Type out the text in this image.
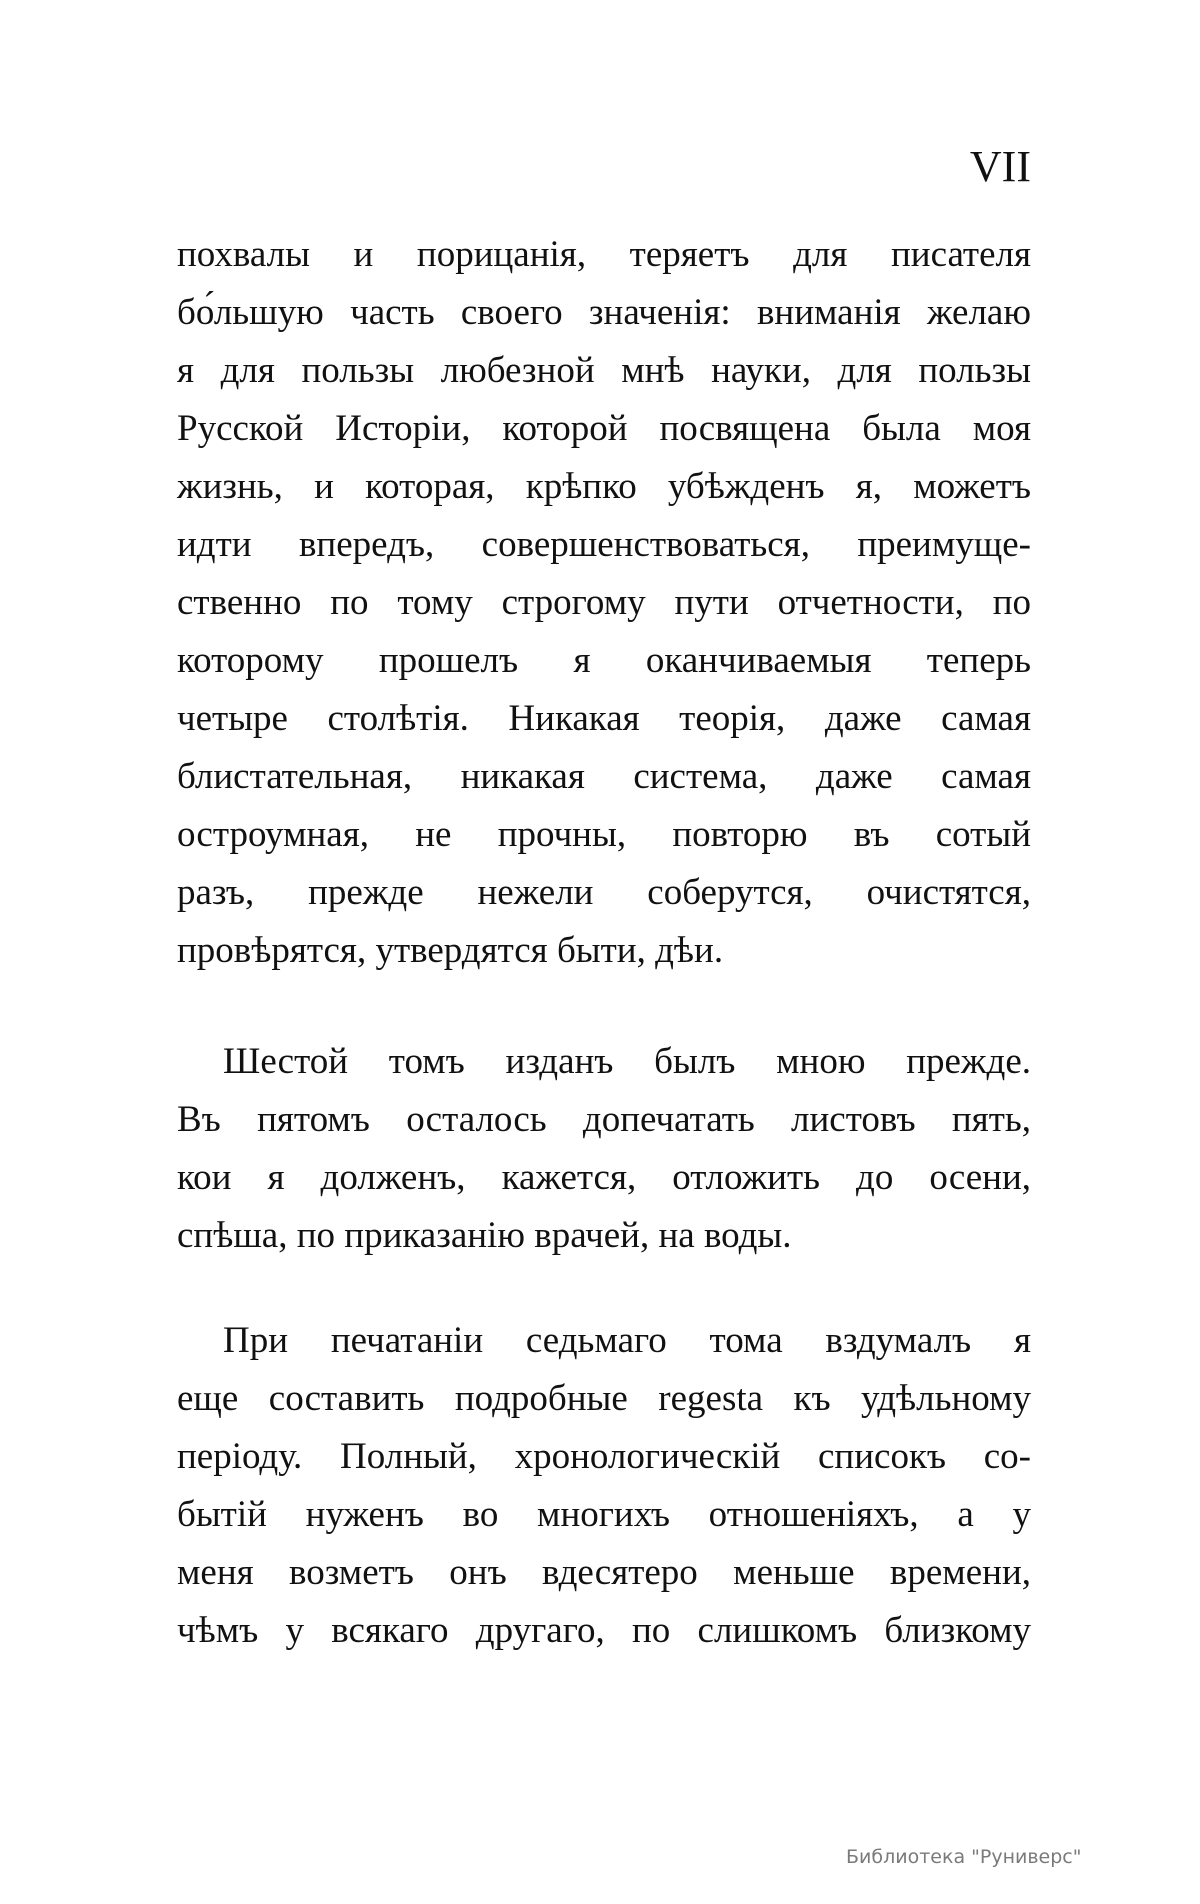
VII
похвалы и порицанія, теряетъ для писателя
бо́льшую часть своего значенія: вниманія желаю
я для пользы любезной мнѣ науки, для пользы
Русской Исторіи, которой посвящена была моя
жизнь, и которая, крѣпко убѣжденъ я, можетъ
идти впередъ, совершенствоваться, преимуще-
ственно по тому строгому пути отчетности, по
которому прошелъ я оканчиваемыя теперь
четыре столѣтія. Никакая теорія, даже самая
блистательная, никакая система, даже самая
остроумная, не прочны, повторю въ сотый
разъ, прежде нежели соберутся, очистятся,
провѣрятся, утвердятся быти, дѣи.
Шестой томъ изданъ былъ мною прежде.
Въ пятомъ осталось допечатать листовъ пять,
кои я долженъ, кажется, отложить до осени,
спѣша, по приказанію врачей, на воды.
При печатаніи седьмаго тома вздумалъ я
еще составить подробные regesta къ удѣльному
періоду. Полный, хронологическій списокъ со-
бытій нуженъ во многихъ отношеніяхъ, а у
меня возметъ онъ вдесятеро меньше времени,
чѣмъ у всякаго другаго, по слишкомъ близкому
Библиотека "Руниверс"
